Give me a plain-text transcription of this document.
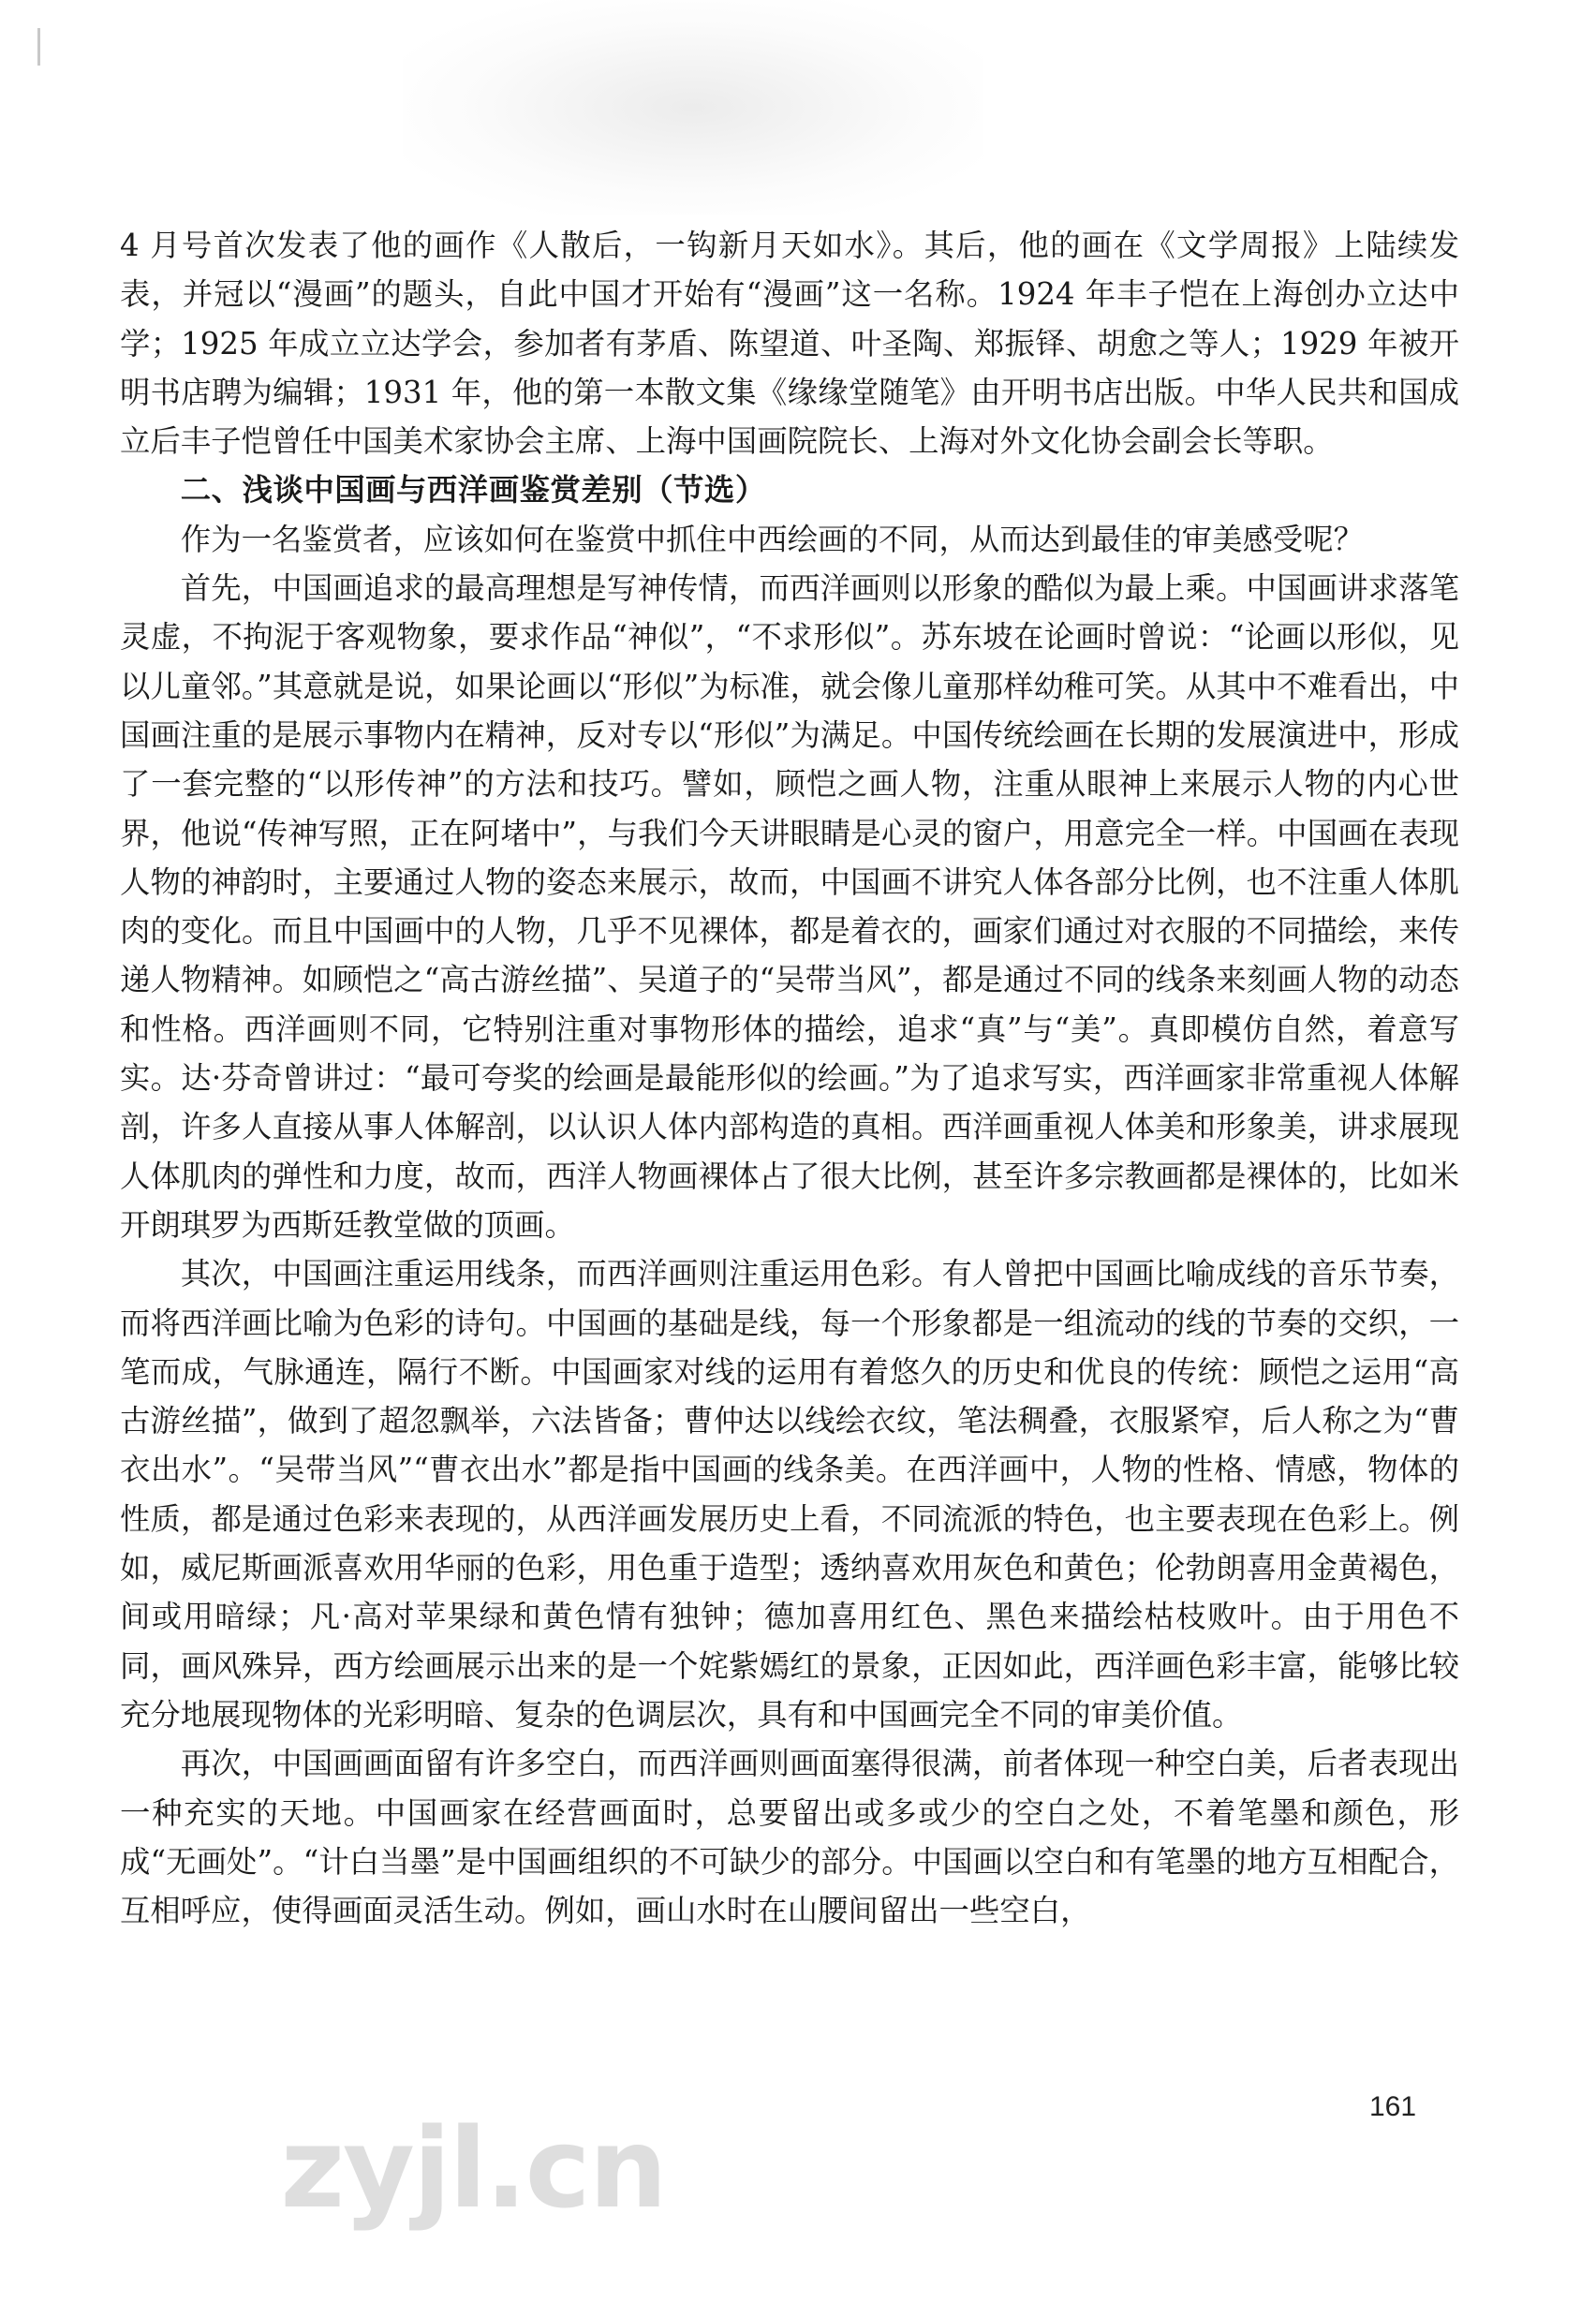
4 月号首次发表了他的画作《人散后，一钩新月天如水》。其后，他的画在《文学周报》上陆续发表，并冠以“漫画”的题头，自此中国才开始有“漫画”这一名称。1924 年丰子恺在上海创办立达中学；1925 年成立立达学会，参加者有茅盾、陈望道、叶圣陶、郑振铎、胡愈之等人；1929 年被开明书店聘为编辑；1931 年，他的第一本散文集《缘缘堂随笔》由开明书店出版。中华人民共和国成立后丰子恺曾任中国美术家协会主席、上海中国画院院长、上海对外文化协会副会长等职。

二、浅谈中国画与西洋画鉴赏差别（节选）

作为一名鉴赏者，应该如何在鉴赏中抓住中西绘画的不同，从而达到最佳的审美感受呢？

首先，中国画追求的最高理想是写神传情，而西洋画则以形象的酷似为最上乘。中国画讲求落笔灵虚，不拘泥于客观物象，要求作品“神似”，“不求形似”。苏东坡在论画时曾说：“论画以形似，见以儿童邻。”其意就是说，如果论画以“形似”为标准，就会像儿童那样幼稚可笑。从其中不难看出，中国画注重的是展示事物内在精神，反对专以“形似”为满足。中国传统绘画在长期的发展演进中，形成了一套完整的“以形传神”的方法和技巧。譬如，顾恺之画人物，注重从眼神上来展示人物的内心世界，他说“传神写照，正在阿堵中”，与我们今天讲眼睛是心灵的窗户，用意完全一样。中国画在表现人物的神韵时，主要通过人物的姿态来展示，故而，中国画不讲究人体各部分比例，也不注重人体肌肉的变化。而且中国画中的人物，几乎不见裸体，都是着衣的，画家们通过对衣服的不同描绘，来传递人物精神。如顾恺之“高古游丝描”、吴道子的“吴带当风”，都是通过不同的线条来刻画人物的动态和性格。西洋画则不同，它特别注重对事物形体的描绘，追求“真”与“美”。真即模仿自然，着意写实。达·芬奇曾讲过：“最可夸奖的绘画是最能形似的绘画。”为了追求写实，西洋画家非常重视人体解剖，许多人直接从事人体解剖，以认识人体内部构造的真相。西洋画重视人体美和形象美，讲求展现人体肌肉的弹性和力度，故而，西洋人物画裸体占了很大比例，甚至许多宗教画都是裸体的，比如米开朗琪罗为西斯廷教堂做的顶画。

其次，中国画注重运用线条，而西洋画则注重运用色彩。有人曾把中国画比喻成线的音乐节奏，而将西洋画比喻为色彩的诗句。中国画的基础是线，每一个形象都是一组流动的线的节奏的交织，一笔而成，气脉通连，隔行不断。中国画家对线的运用有着悠久的历史和优良的传统：顾恺之运用“高古游丝描”，做到了超忽飘举，六法皆备；曹仲达以线绘衣纹，笔法稠叠，衣服紧窄，后人称之为“曹衣出水”。“吴带当风”“曹衣出水”都是指中国画的线条美。在西洋画中，人物的性格、情感，物体的性质，都是通过色彩来表现的，从西洋画发展历史上看，不同流派的特色，也主要表现在色彩上。例如，威尼斯画派喜欢用华丽的色彩，用色重于造型；透纳喜欢用灰色和黄色；伦勃朗喜用金黄褐色，间或用暗绿；凡·高对苹果绿和黄色情有独钟；德加喜用红色、黑色来描绘枯枝败叶。由于用色不同，画风殊异，西方绘画展示出来的是一个姹紫嫣红的景象，正因如此，西洋画色彩丰富，能够比较充分地展现物体的光彩明暗、复杂的色调层次，具有和中国画完全不同的审美价值。

再次，中国画画面留有许多空白，而西洋画则画面塞得很满，前者体现一种空白美，后者表现出一种充实的天地。中国画家在经营画面时，总要留出或多或少的空白之处，不着笔墨和颜色，形成“无画处”。“计白当墨”是中国画组织的不可缺少的部分。中国画以空白和有笔墨的地方互相配合，互相呼应，使得画面灵活生动。例如，画山水时在山腰间留出一些空白，

zyjl.cn	161
